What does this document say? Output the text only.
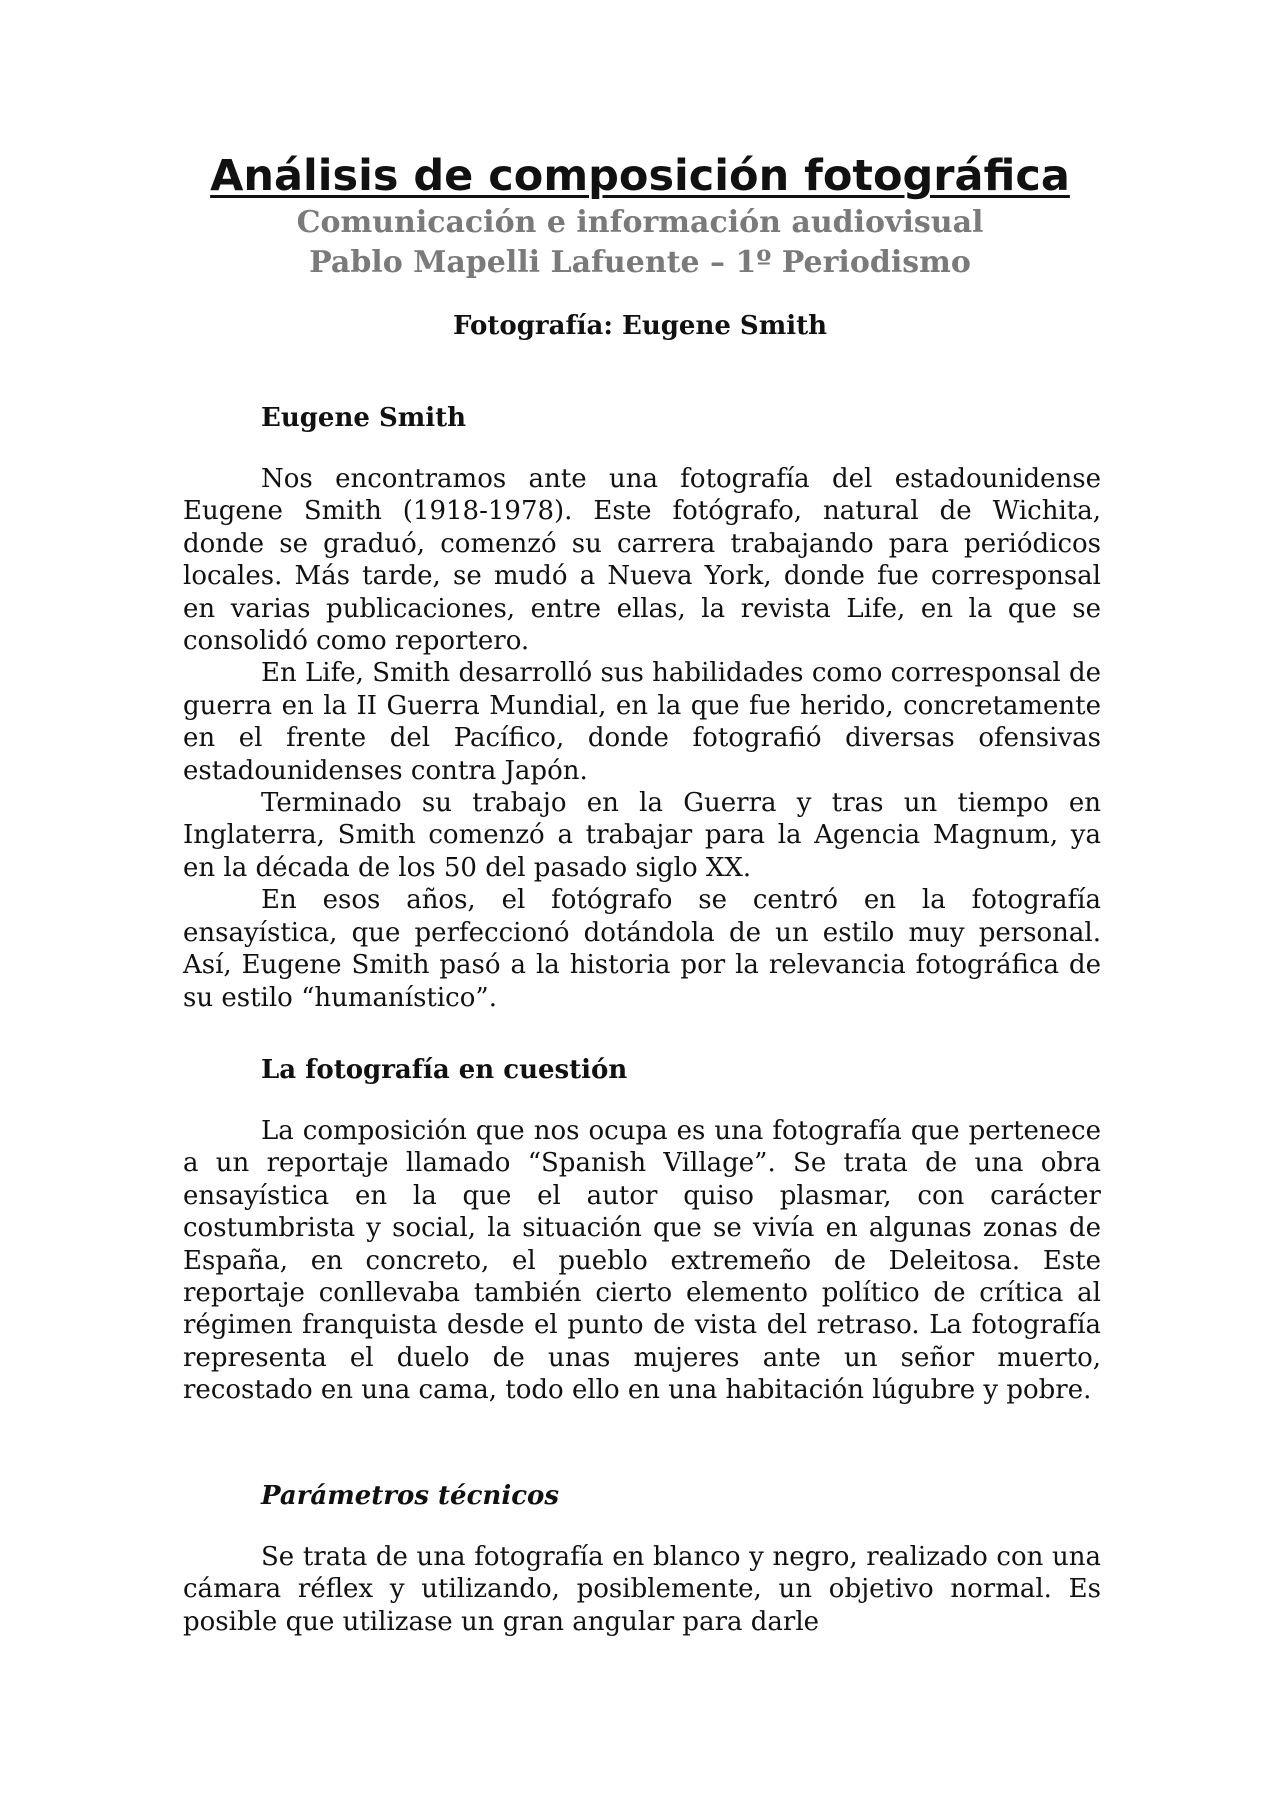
Análisis de composición fotográfica
Comunicación e información audiovisual
Pablo Mapelli Lafuente – 1º Periodismo
Fotografía: Eugene Smith
Eugene Smith

Nos encontramos ante una fotografía del estadounidense Eugene Smith (1918-1978). Este fotógrafo, natural de Wichita, donde se graduó, comenzó su carrera trabajando para periódicos locales. Más tarde, se mudó a Nueva York, donde fue corresponsal en varias publicaciones, entre ellas, la revista Life, en la que se consolidó como reportero.

En Life, Smith desarrolló sus habilidades como corresponsal de guerra en la II Guerra Mundial, en la que fue herido, concretamente en el frente del Pacífico, donde fotografió diversas ofensivas estadounidenses contra Japón.

Terminado su trabajo en la Guerra y tras un tiempo en Inglaterra, Smith comenzó a trabajar para la Agencia Magnum, ya en la década de los 50 del pasado siglo XX.

En esos años, el fotógrafo se centró en la fotografía ensayística, que perfeccionó dotándola de un estilo muy personal. Así, Eugene Smith pasó a la historia por la relevancia fotográfica de su estilo “humanístico”.

La fotografía en cuestión

La composición que nos ocupa es una fotografía que pertenece a un reportaje llamado “Spanish Village”. Se trata de una obra ensayística en la que el autor quiso plasmar, con carácter costumbrista y social, la situación que se vivía en algunas zonas de España, en concreto, el pueblo extremeño de Deleitosa. Este reportaje conllevaba también cierto elemento político de crítica al régimen franquista desde el punto de vista del retraso. La fotografía representa el duelo de unas mujeres ante un señor muerto, recostado en una cama, todo ello en una habitación lúgubre y pobre.

Parámetros técnicos

Se trata de una fotografía en blanco y negro, realizado con una cámara réflex y utilizando, posiblemente, un objetivo normal. Es posible que utilizase un gran angular para darle
